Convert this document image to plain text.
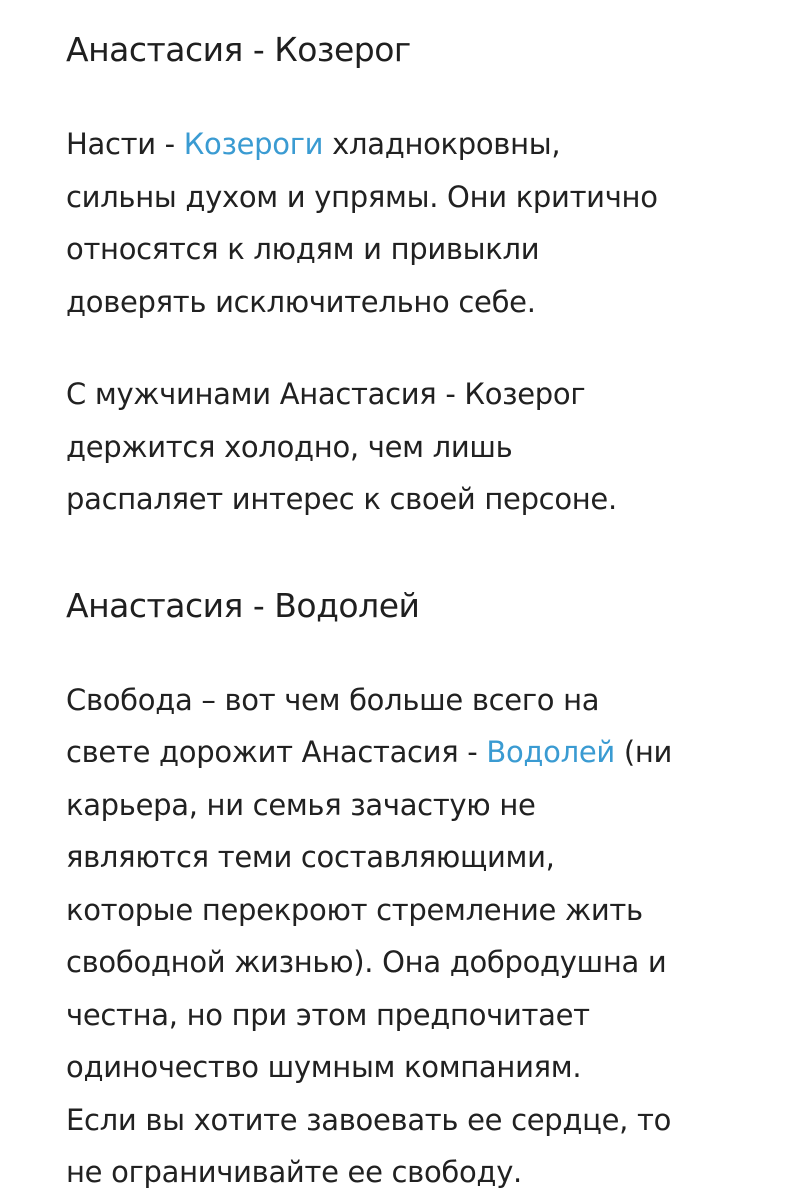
Анастасия - Козерог

Насти - Козероги хладнокровны,
сильны духом и упрямы. Они критично
относятся к людям и привыкли
доверять исключительно себе.

С мужчинами Анастасия - Козерог
держится холодно, чем лишь
распаляет интерес к своей персоне.

Анастасия - Водолей

Свобода – вот чем больше всего на
свете дорожит Анастасия - Водолей (ни
карьера, ни семья зачастую не
являются теми составляющими,
которые перекроют стремление жить
свободной жизнью). Она добродушна и
честна, но при этом предпочитает
одиночество шумным компаниям.
Если вы хотите завоевать ее сердце, то
не ограничивайте ее свободу.
